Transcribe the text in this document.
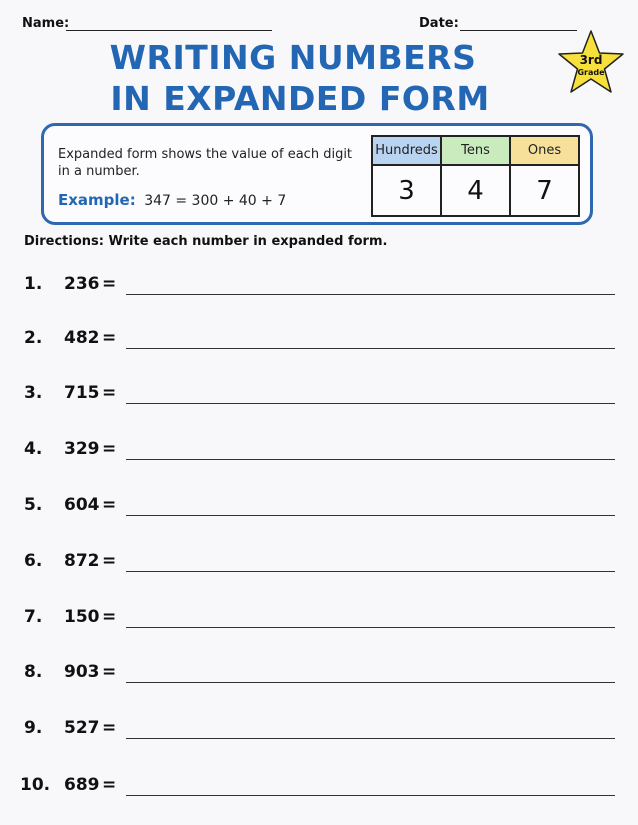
Name:	Date:
WRITING NUMBERS
IN EXPANDED FORM
3rd
Grade
Expanded form shows the value of each digit in a number.
Example: 347 = 300 + 40 + 7
Hundreds	Tens	Ones
3	4	7
Directions: Write each number in expanded form.
1. 236 =
2. 482 =
3. 715 =
4. 329 =
5. 604 =
6. 872 =
7. 150 =
8. 903 =
9. 527 =
10. 689 =
